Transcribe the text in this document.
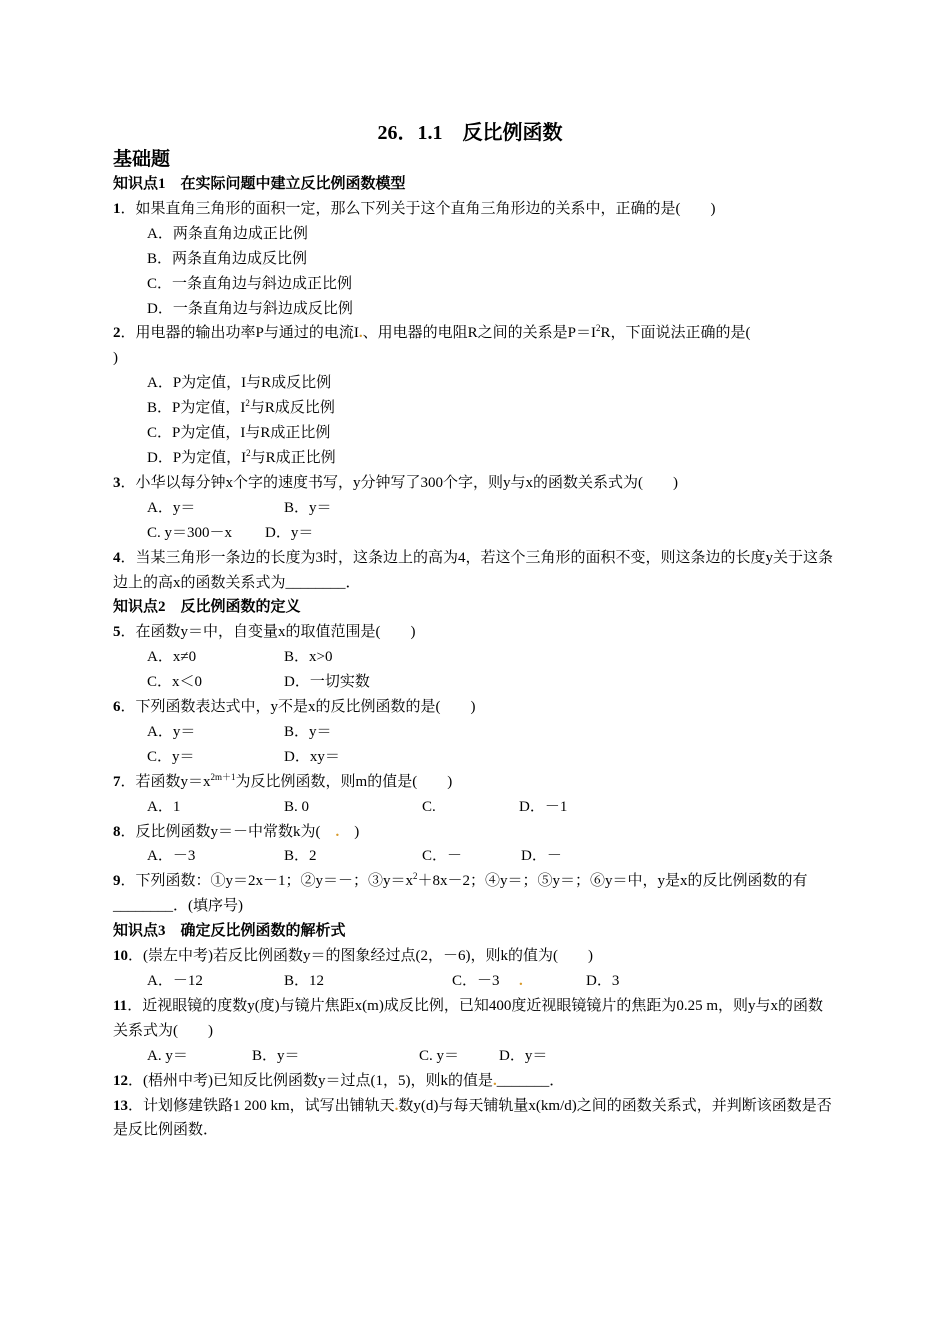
26．1.1　反比例函数
基础题
知识点1　在实际问题中建立反比例函数模型
1．如果直角三角形的面积一定，那么下列关于这个直角三角形边的关系中，正确的是(　　)
A．两条直角边成正比例
B．两条直角边成反比例
C．一条直角边与斜边成正比例
D．一条直角边与斜边成反比例
2．用电器的输出功率P与通过的电流I.、用电器的电阻R之间的关系是$P=I^2R$，下面说法正确的是(
)
A．P为定值，I与R成反比例
B．P为定值，$I^2$与R成反比例
C．P为定值，I与R成正比例
D．P为定值，$I^2$与R成正比例
3．小华以每分钟x个字的速度书写，y分钟写了300个字，则y与x的函数关系式为(　　)
A．y＝	B．y＝
C. y＝300－x D．y＝
4．当某三角形一条边的长度为3时，这条边上的高为4，若这个三角形的面积不变，则这条边的长度y关于这条边上的高x的函数关系式为________．
知识点2　反比例函数的定义
5．在函数y＝中，自变量x的取值范围是(　　)
A．x≠0	B．x>0
C．x＜0	D．一切实数
6．下列函数表达式中，y不是x的反比例函数的是(　　)
A．y＝	B．y＝
C．y＝	D．xy＝
7．若函数$y=x^{2m+1}$为反比例函数，则m的值是(　　)
A．1	B. 0	C.	D．－1
8．反比例函数y＝－中常数k为(　.　)
A．－3	B．2	C．－	D．－
9．下列函数：①y＝2x－1；②y＝－；$③y=x^2+8x-2$；④y＝；⑤y＝；⑥y＝中，y是x的反比例函数的有________．(填序号)
知识点3　确定反比例函数的解析式
10．(崇左中考)若反比例函数y＝的图象经过点(2，－6)，则k的值为(　　)
A．－12	B．12	C．－3 .	D．3
11．近视眼镜的度数y(度)与镜片焦距x(m)成反比例，已知400度近视眼镜镜片的焦距为0.25 m，则y与x的函数关系式为(　　)
A. y＝	B．y＝	C. y＝	D．y＝
12．(梧州中考)已知反比例函数y＝过点(1，5)，则k的值是._______．
13．计划修建铁路1 200 km，试写出铺轨天.数y(d)与每天铺轨量x(km/d)之间的函数关系式，并判断该函数是否是反比例函数．
